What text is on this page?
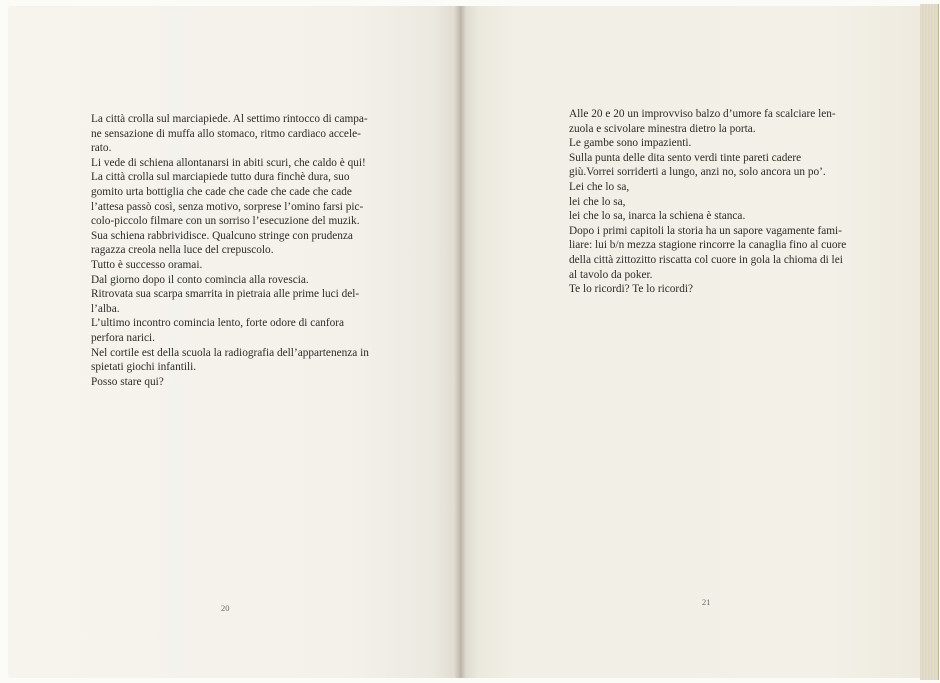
La città crolla sul marciapiede. Al settimo rintocco di campa-
ne sensazione di muffa allo stomaco, ritmo cardiaco accele-
rato.
Li vede di schiena allontanarsi in abiti scuri, che caldo è qui!
La città crolla sul marciapiede tutto dura finchè dura, suo
gomito urta bottiglia che cade che cade che cade che cade
l’attesa passò così, senza motivo, sorprese l’omino farsi pic-
colo-piccolo filmare con un sorriso l’esecuzione del muzik.
Sua schiena rabbrividisce. Qualcuno stringe con prudenza
ragazza creola nella luce del crepuscolo.
Tutto è successo oramai.
Dal giorno dopo il conto comincia alla rovescia.
Ritrovata sua scarpa smarrita in pietraia alle prime luci del-
l’alba.
L’ultimo incontro comincia lento, forte odore di canfora
perfora narici.
Nel cortile est della scuola la radiografia dell’appartenenza in
spietati giochi infantili.
Posso stare qui?
Alle 20 e 20 un improvviso balzo d’umore fa scalciare len-
zuola e scivolare minestra dietro la porta.
Le gambe sono impazienti.
Sulla punta delle dita sento verdi tinte pareti cadere
giù.Vorrei sorriderti a lungo, anzi no, solo ancora un po’.
Lei che lo sa,
lei che lo sa,
lei che lo sa, inarca la schiena è stanca.
Dopo i primi capitoli la storia ha un sapore vagamente fami-
liare: lui b/n mezza stagione rincorre la canaglia fino al cuore
della città zittozitto riscatta col cuore in gola la chioma di lei
al tavolo da poker.
Te lo ricordi? Te lo ricordi?
20
21
